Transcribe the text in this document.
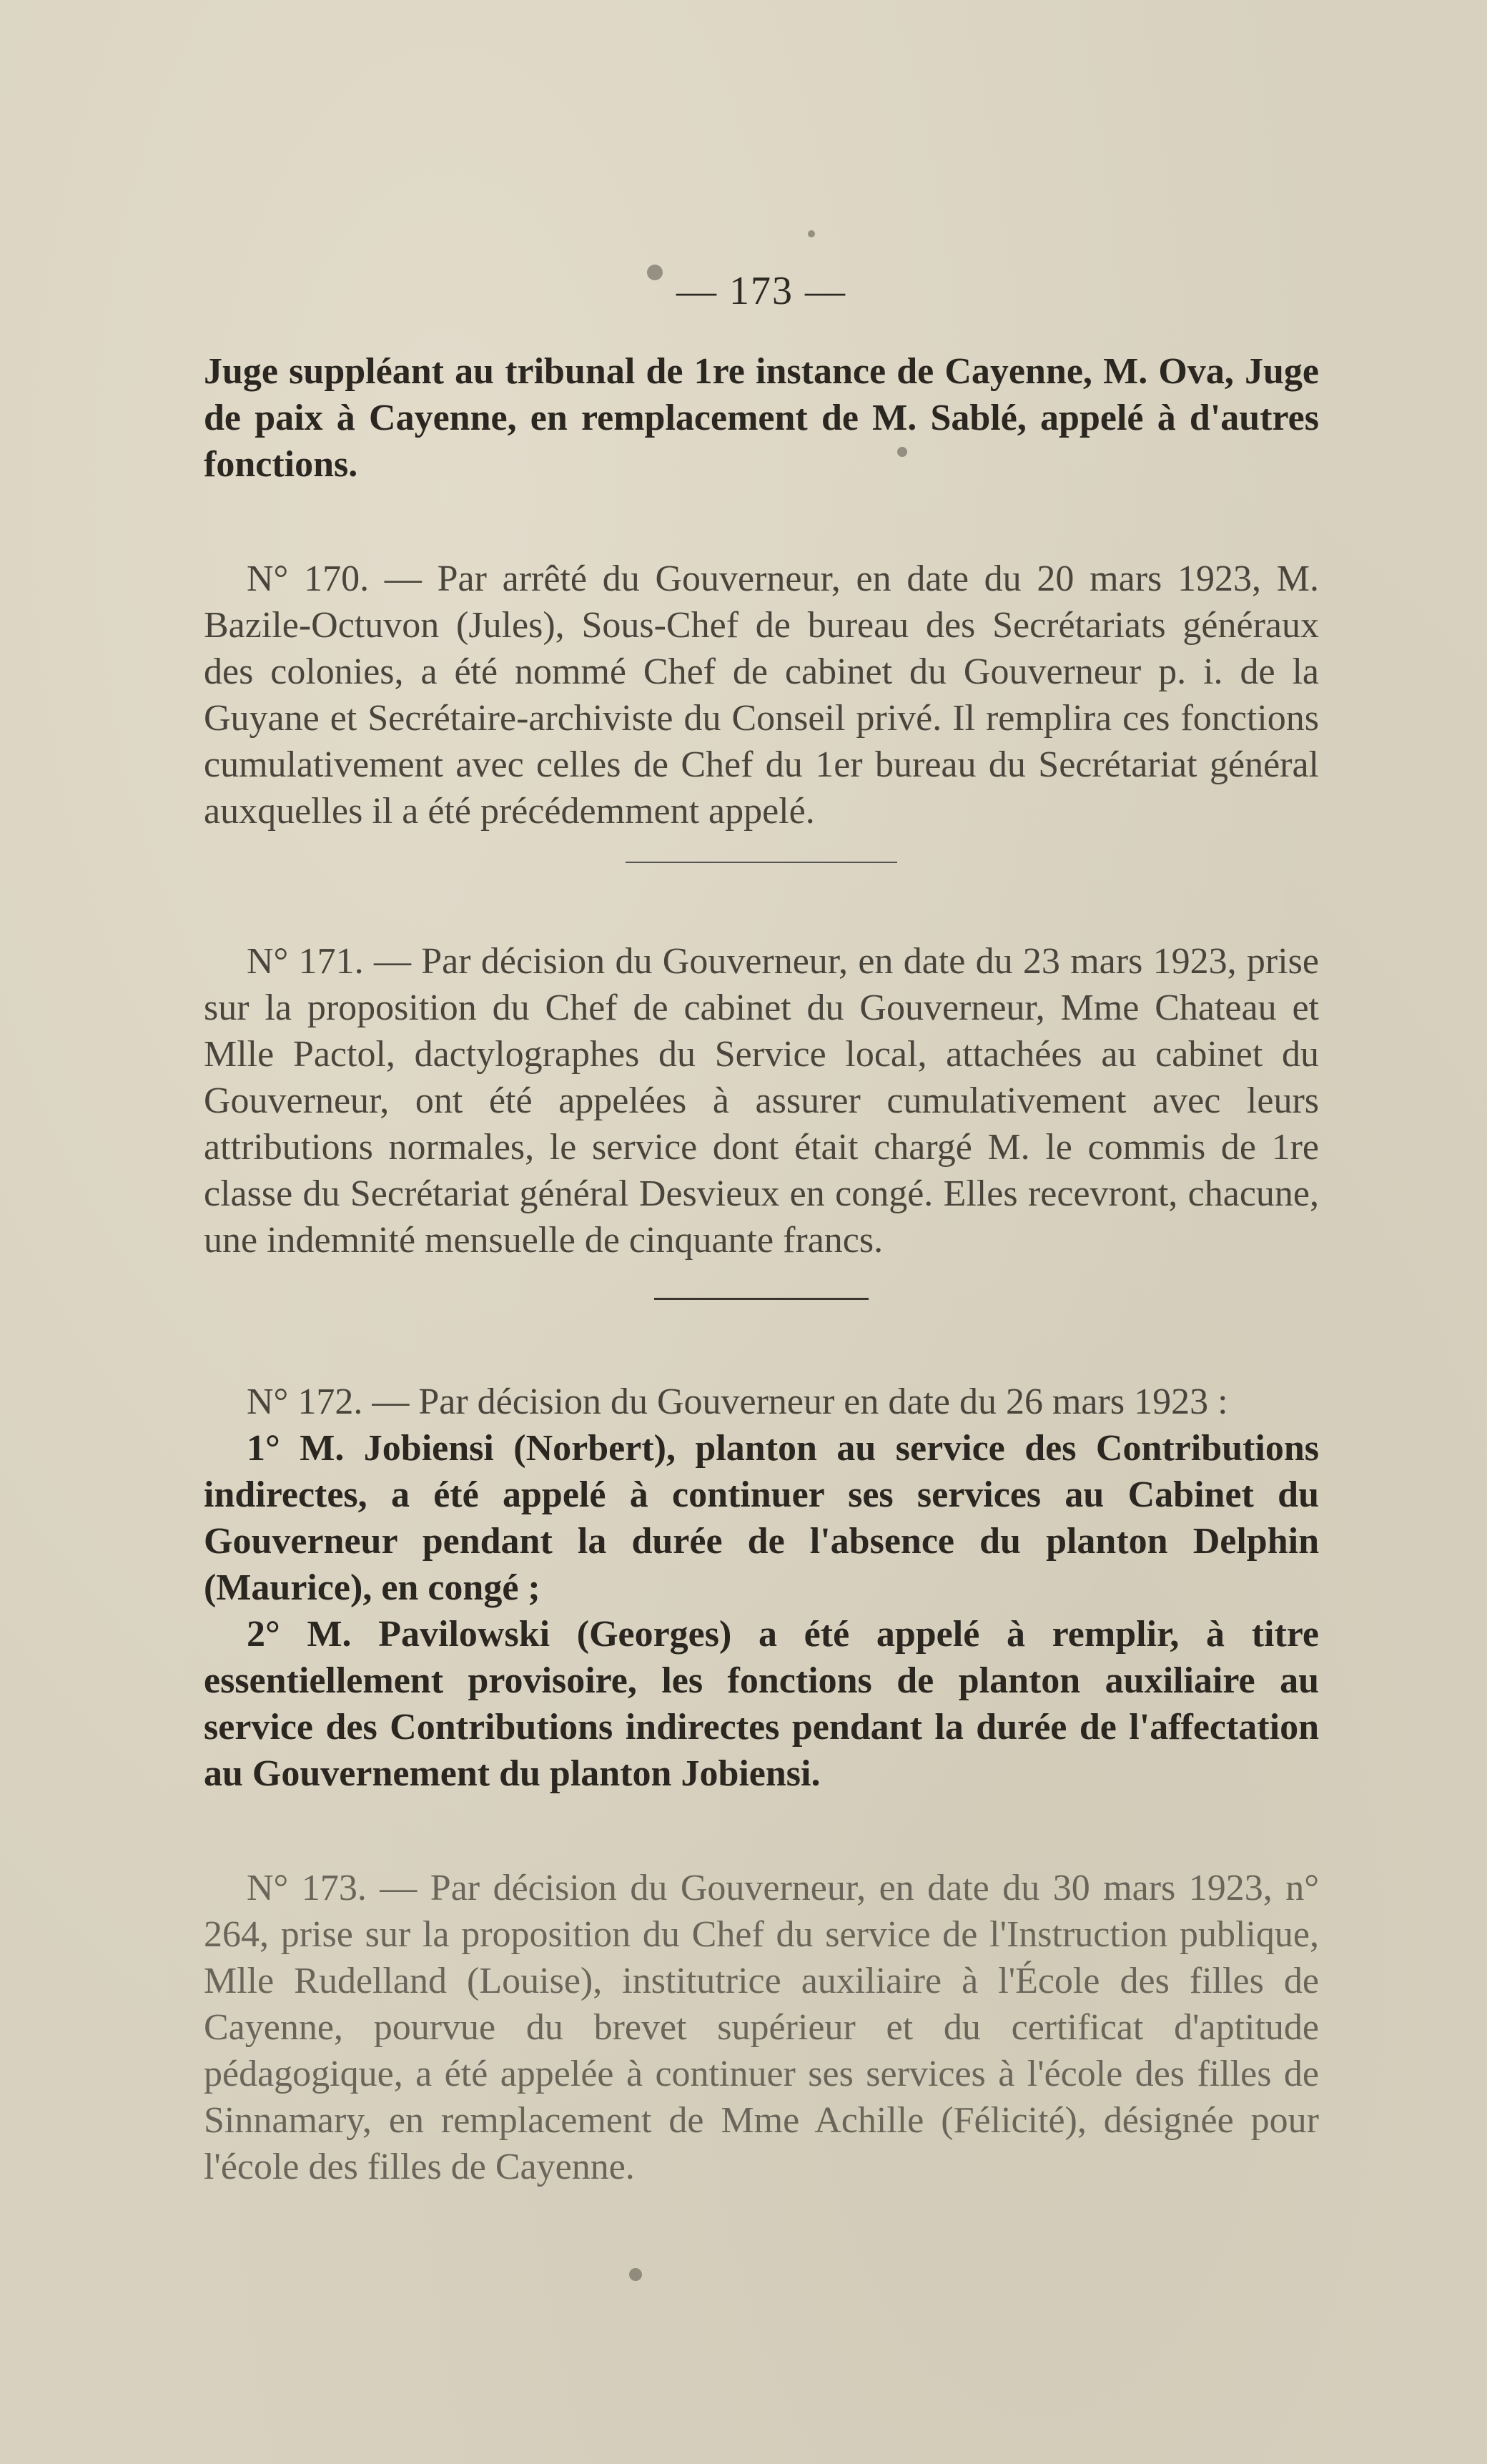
— 173 —

Juge suppléant au tribunal de 1re instance de Cayenne, M. Ova, Juge de paix à Cayenne, en remplacement de M. Sablé, appelé à d'autres fonctions.

N° 170. — Par arrêté du Gouverneur, en date du 20 mars 1923, M. Bazile-Octuvon (Jules), Sous-Chef de bureau des Secrétariats généraux des colonies, a été nommé Chef de cabinet du Gouverneur p. i. de la Guyane et Secrétaire-archiviste du Conseil privé. Il remplira ces fonctions cumulativement avec celles de Chef du 1er bureau du Secrétariat général auxquelles il a été précédemment appelé.

N° 171. — Par décision du Gouverneur, en date du 23 mars 1923, prise sur la proposition du Chef de cabinet du Gouverneur, Mme Chateau et Mlle Pactol, dactylographes du Service local, attachées au cabinet du Gouverneur, ont été appelées à assurer cumulativement avec leurs attributions normales, le service dont était chargé M. le commis de 1re classe du Secrétariat général Desvieux en congé. Elles recevront, chacune, une indemnité mensuelle de cinquante francs.

N° 172. — Par décision du Gouverneur en date du 26 mars 1923 :

1° M. Jobiensi (Norbert), planton au service des Contributions indirectes, a été appelé à continuer ses services au Cabinet du Gouverneur pendant la durée de l'absence du planton Delphin (Maurice), en congé ;

2° M. Pavilowski (Georges) a été appelé à remplir, à titre essentiellement provisoire, les fonctions de planton auxiliaire au service des Contributions indirectes pendant la durée de l'affectation au Gouvernement du planton Jobiensi.

N° 173. — Par décision du Gouverneur, en date du 30 mars 1923, n° 264, prise sur la proposition du Chef du service de l'Instruction publique, Mlle Rudelland (Louise), institutrice auxiliaire à l'École des filles de Cayenne, pourvue du brevet supérieur et du certificat d'aptitude pédagogique, a été appelée à continuer ses services à l'école des filles de Sinnamary, en remplacement de Mme Achille (Félicité), désignée pour l'école des filles de Cayenne.
